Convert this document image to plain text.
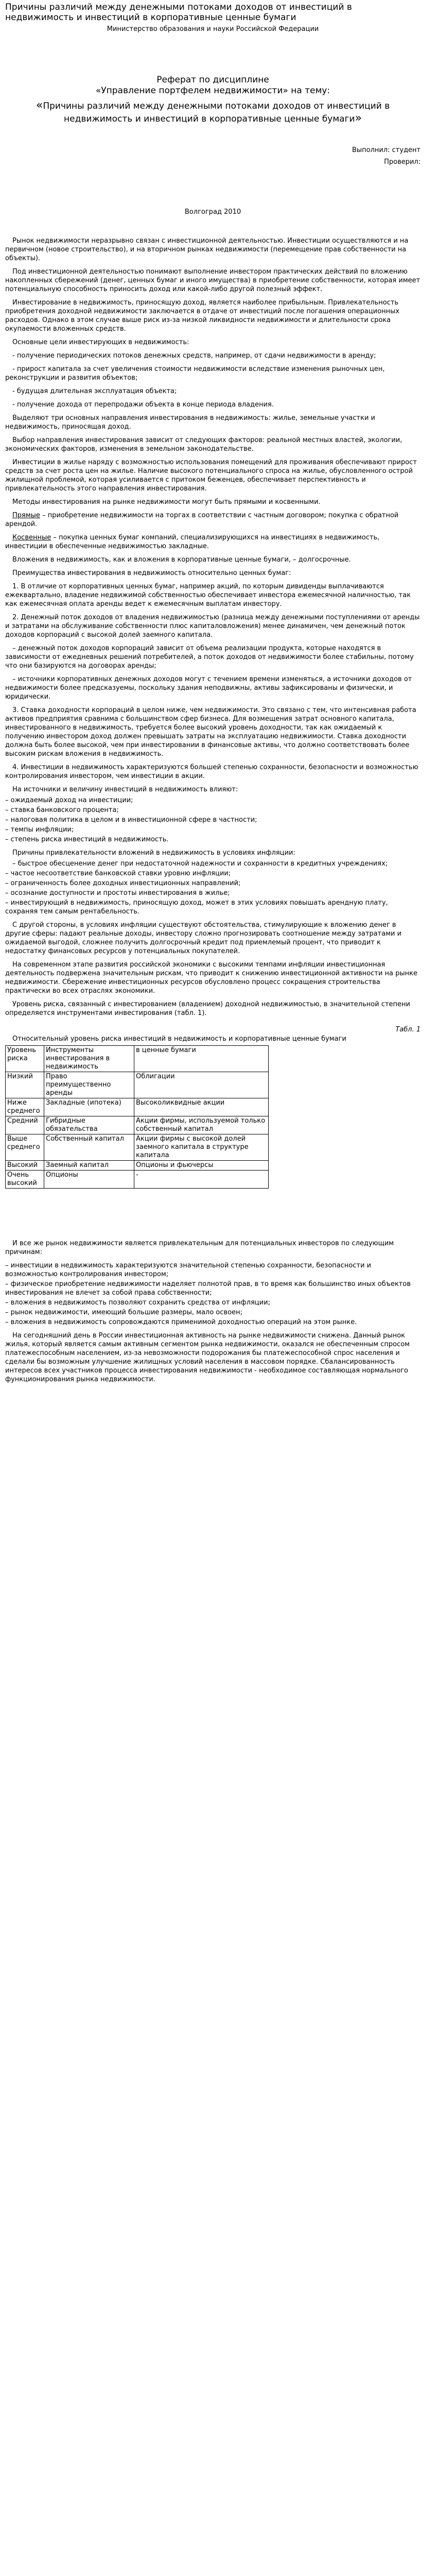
Причины различий между денежными потоками доходов от инвестиций в недвижимость и инвестиций в корпоративные ценные бумаги

Министерство образования и науки Российской Федерации

Реферат по дисциплине

«Управление портфелем недвижимости» на тему:

«Причины различий между денежными потоками доходов от инвестиций в недвижимость и инвестиций в корпоративные ценные бумаги»

Выполнил: студент

Проверил:

Волгоград 2010

Рынок недвижимости неразрывно связан с инвестиционной деятельностью. Инвестиции осуществляются и на первичном (новое строительство), и на вторичном рынках недвижимости (перемещение прав собственности на объекты).

Под инвестиционной деятельностью понимают выполнение инвестором практических действий по вложению накопленных сбережений (денег, ценных бумаг и иного имущества) в приобретение собственности, которая имеет потенциальную способность приносить доход или какой-либо другой полезный эффект.

Инвестирование в недвижимость, приносящую доход, является наиболее прибыльным. Привлекательность приобретения доходной недвижимости заключается в отдаче от инвестиций после погашения операционных расходов. Однако в этом случае выше риск из-за низкой ликвидности недвижимости и длительности срока окупаемости вложенных средств.

Основные цели инвестирующих в недвижимость:

- получение периодических потоков денежных средств, например, от сдачи недвижимости в аренду;

- прирост капитала за счет увеличения стоимости недвижимости вследствие изменения рыночных цен, реконструкции и развития объектов;

- будущая длительная эксплуатация объекта;

- получение дохода от перепродажи объекта в конце периода владения.

Выделяют три основных направления инвестирования в недвижимость: жилье, земельные участки и недвижимость, приносящая доход.

Выбор направления инвестирования зависит от следующих факторов: реальной местных властей, экологии, экономических факторов, изменения в земельном законодательстве.

Инвестиции в жилье наряду с возможностью использования помещений для проживания обеспечивают прирост средств за счет роста цен на жилье. Наличие высокого потенциального спроса на жилье, обусловленного острой жилищной проблемой, которая усиливается с притоком беженцев, обеспечивает перспективность и привлекательность этого направления инвестирования.

Методы инвестирования на рынке недвижимости могут быть прямыми и косвенными.

Прямые – приобретение недвижимости на торгах в соответствии с частным договором; покупка с обратной арендой.

Косвенные – покупка ценных бумаг компаний, специализирующихся на инвестициях в недвижимость, инвестиции в обеспеченные недвижимостью закладные.

Вложения в недвижимость, как и вложения в корпоративные ценные бумаги, – долгосрочные.

Преимущества инвестирования в недвижимость относительно ценных бумаг:

1. В отличие от корпоративных ценных бумаг, например акций, по которым дивиденды выплачиваются ежеквартально, владение недвижимой собственностью обеспечивает инвестора ежемесячной наличностью, так как ежемесячная оплата аренды ведет к ежемесячным выплатам инвестору.

2. Денежный поток доходов от владения недвижимостью (разница между денежными поступлениями от аренды и затратами на обслуживание собственности плюс капиталовложения) менее динамичен, чем денежный поток доходов корпораций с высокой долей заемного капитала.

– денежный поток доходов корпораций зависит от объема реализации продукта, которые находятся в зависимости от ежедневных решений потребителей, а поток доходов от недвижимости более стабильны, потому что они базируются на договорах аренды;

– источники корпоративных денежных доходов могут с течением времени изменяться, а источники доходов от недвижимости более предсказуемы, поскольку здания неподвижны, активы зафиксированы и физически, и юридически.

3. Ставка доходности корпораций в целом ниже, чем недвижимости. Это связано с тем, что интенсивная работа активов предприятия сравнима с большинством сфер бизнеса. Для возмещения затрат основного капитала, инвестированного в недвижимость, требуется более высокий уровень доходности, так как ожидаемый к получению инвестором доход должен превышать затраты на эксплуатацию недвижимости. Ставка доходности должна быть более высокой, чем при инвестировании в финансовые активы, что должно соответствовать более высоким рискам вложения в недвижимость.

4. Инвестиции в недвижимость характеризуются большей степенью сохранности, безопасности и возможностью контролирования инвестором, чем инвестиции в акции.

На источники и величину инвестиций в недвижимость влияют:

– ожидаемый доход на инвестиции;

– ставка банковского процента;

– налоговая политика в целом и в инвестиционной сфере в частности;

– темпы инфляции;

– степень риска инвестиций в недвижимость.

Причины привлекательности вложений в недвижимость в условиях инфляции:

– быстрое обесценение денег при недостаточной надежности и сохранности в кредитных учреждениях;

– частое несоответствие банковской ставки уровню инфляции;

– ограниченность более доходных инвестиционных направлений;

– осознание доступности и простоты инвестирования в жилье;

– инвестирующий в недвижимость, приносящую доход, может в этих условиях повышать арендную плату, сохраняя тем самым рентабельность.

С другой стороны, в условиях инфляции существуют обстоятельства, стимулирующие к вложению денег в другие сферы: падают реальные доходы, инвестору сложно прогнозировать соотношение между затратами и ожидаемой выгодой, сложнее получить долгосрочный кредит под приемлемый процент, что приводит к недостатку финансовых ресурсов у потенциальных покупателей.

На современном этапе развития российской экономики с высокими темпами инфляции инвестиционная деятельность подвержена значительным рискам, что приводит к снижению инвестиционной активности на рынке недвижимости. Сбережение инвестиционных ресурсов обусловлено процесс сокращения строительства практически во всех отраслях экономики.

Уровень риска, связанный с инвестированием (владением) доходной недвижимостью, в значительной степени определяется инструментами инвестирования (табл. 1).

Табл. 1

Относительный уровень риска инвестиций в недвижимость и корпоративные ценные бумаги

Уровень риска	Инструменты инвестирования в недвижимость	в ценные бумаги
Низкий	Право преимущественно аренды	Облигации
Ниже среднего	Закладные (ипотека)	Высоколиквидные акции
Средний	Гибридные обязательства	Акции фирмы, используемой только собственный капитал
Выше среднего	Собственный капитал	Акции фирмы с высокой долей заемного капитала в структуре капитала
Высокий	Заемный капитал	Опционы и фьючерсы
Очень высокий	Опционы	-

И все же рынок недвижимости является привлекательным для потенциальных инвесторов по следующим причинам:

– инвестиции в недвижимость характеризуются значительной степенью сохранности, безопасности и возможностью контролирования инвестором;

– физическое приобретение недвижимости наделяет полнотой прав, в то время как большинство иных объектов инвестирования не влечет за собой права собственности;

– вложения в недвижимость позволяют сохранить средства от инфляции;

– рынок недвижимости, имеющий большие размеры, мало освоен;

– вложения в недвижимость сопровождаются применимой доходностью операций на этом рынке.

На сегодняшний день в России инвестиционная активность на рынке недвижимости снижена. Данный рынок жилья, который является самым активным сегментом рынка недвижимости, оказался не обеспеченным спросом платежеспособным населением, из-за невозможности подорожания бы платежеспособной спрос населения и сделали бы возможным улучшение жилищных условий населения в массовом порядке. Сбалансированность интересов всех участников процесса инвестирования недвижимости - необходимое составляющая нормального функционирования рынка недвижимости.
